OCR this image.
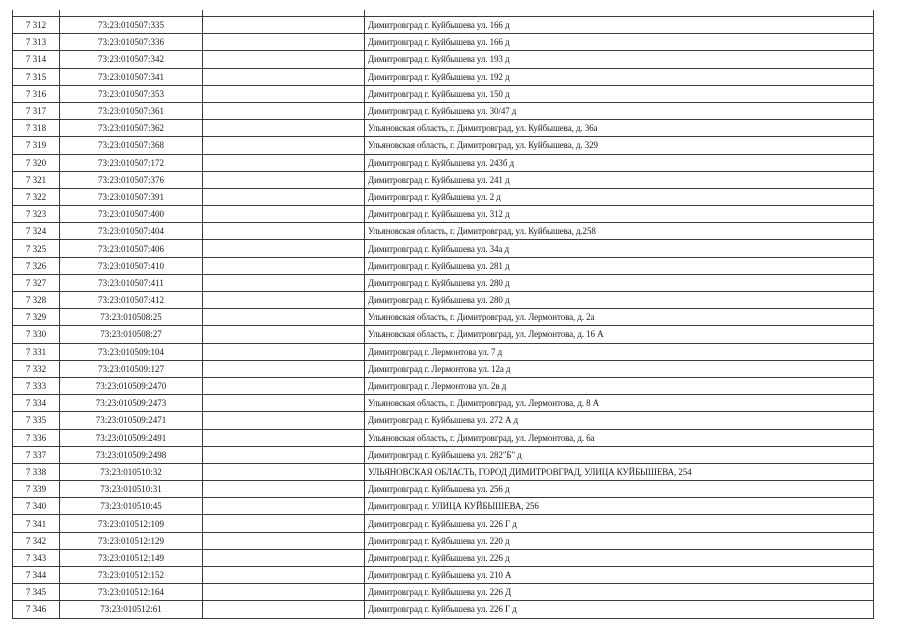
7 312	73:23:010507:335		Димитровград г. Куйбышева ул. 166 д
7 313	73:23:010507:336		Димитровград г. Куйбышева ул. 166 д
7 314	73:23:010507:342		Димитровград г. Куйбышева ул. 193 д
7 315	73:23:010507:341		Димитровград г. Куйбышева ул. 192 д
7 316	73:23:010507:353		Димитровград г. Куйбышева ул. 150 д
7 317	73:23:010507:361		Димитровград г. Куйбышева ул. 30/47 д
7 318	73:23:010507:362		Ульяновская область, г. Димитровград, ул. Куйбышева, д. 36а
7 319	73:23:010507:368		Ульяновская область, г. Димитровград, ул. Куйбышева, д. 329
7 320	73:23:010507:172		Димитровград г. Куйбышева ул. 243б д
7 321	73:23:010507:376		Димитровград г. Куйбышева ул. 241 д
7 322	73:23:010507:391		Димитровград г. Куйбышева ул. 2 д
7 323	73:23:010507:400		Димитровград г. Куйбышева ул. 312 д
7 324	73:23:010507:404		Ульяновская область, г. Димитровград, ул. Куйбышева, д.258
7 325	73:23:010507:406		Димитровград г. Куйбышева ул. 34а д
7 326	73:23:010507:410		Димитровград г. Куйбышева ул. 281 д
7 327	73:23:010507:411		Димитровград г. Куйбышева ул. 280 д
7 328	73:23:010507:412		Димитровград г. Куйбышева ул. 280 д
7 329	73:23:010508:25		Ульяновская область, г. Димитровград, ул. Лермонтова, д. 2а
7 330	73:23:010508:27		Ульяновская область, г. Димитровград, ул. Лермонтова, д. 16 А
7 331	73:23:010509:104		Димитровград г. Лермонтова ул. 7 д
7 332	73:23:010509:127		Димитровград г. Лермонтова ул. 12а д
7 333	73:23:010509:2470		Димитровград г. Лермонтова ул. 2в д
7 334	73:23:010509:2473		Ульяновская область, г. Димитровград, ул. Лермонтова, д. 8 А
7 335	73:23:010509:2471		Димитровград г. Куйбышева ул. 272 А д
7 336	73:23:010509:2491		Ульяновская область, г. Димитровград, ул. Лермонтова, д. 6а
7 337	73:23:010509:2498		Димитровград г. Куйбышева ул. 282"Б" д
7 338	73:23:010510:32		УЛЬЯНОВСКАЯ ОБЛАСТЬ, ГОРОД ДИМИТРОВГРАД, УЛИЦА КУЙБЫШЕВА, 254
7 339	73:23:010510:31		Димитровград г. Куйбышева ул. 256 д
7 340	73:23:010510:45		Димитровград г. УЛИЦА КУЙБЫШЕВА, 256
7 341	73:23:010512:109		Димитровград г. Куйбышева ул. 226 Г д
7 342	73:23:010512:129		Димитровград г. Куйбышева ул. 220 д
7 343	73:23:010512:149		Димитровград г. Куйбышева ул. 226 д
7 344	73:23:010512:152		Димитровград г. Куйбышева ул. 210 А
7 345	73:23:010512:164		Димитровград г. Куйбышева ул. 226 Д
7 346	73:23:010512:61		Димитровград г. Куйбышева ул. 226 Г д
